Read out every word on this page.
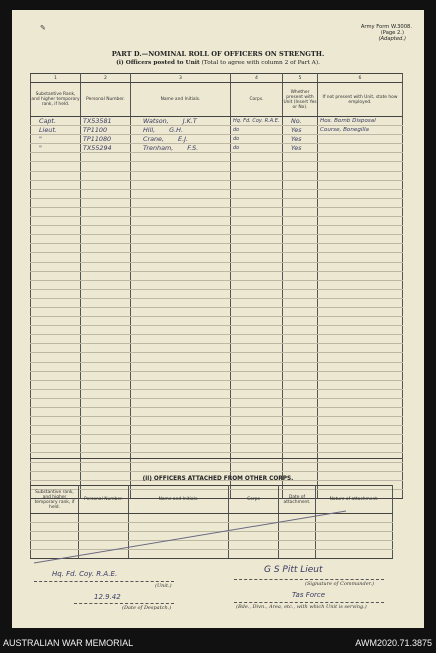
Army Form W.3008.
(Page 2.)
(Adapted.)
✎
PART D.—NOMINAL ROLL OF OFFICERS ON STRENGTH.
(i) Officers posted to Unit (Total to agree with column 2 of Part A).
1	2	3	4	5	6
Substantive Rank, and higher temporary rank, if held.	Personal Number.	Name and Initials.	Corps.	Whether present with Unit (Insert Yes or No).	If not present with Unit, state how employed.
Capt.	TX53581	Watson, J.K.T	Hq. Fd. Coy. R.A.E.	No.	Hos. Bomb Disposal
Lieut.	TP1100	Hill, G.H.	do	Yes	Course, Bonegilla
"	TP11080	Crane, E.J.	do	Yes	
"	TX55294	Trenham, F.S.	do	Yes	

(ii) OFFICERS ATTACHED FROM OTHER CORPS.
Substantive rank, and higher temporary rank, if held.	Personal Number.	Name and Initials.	Corps	Date of attachment.	Nature of attachment.

Hq. Fd. Coy. R.A.E.
(Unit.)
G S Pitt Lieut
(Signature of Commander.)
12.9.42
(Date of Despatch.)
Tas Force
(Bde., Divn., Area, etc., with which Unit is serving.)
AUSTRALIAN WAR MEMORIAL	AWM2020.71.3875
